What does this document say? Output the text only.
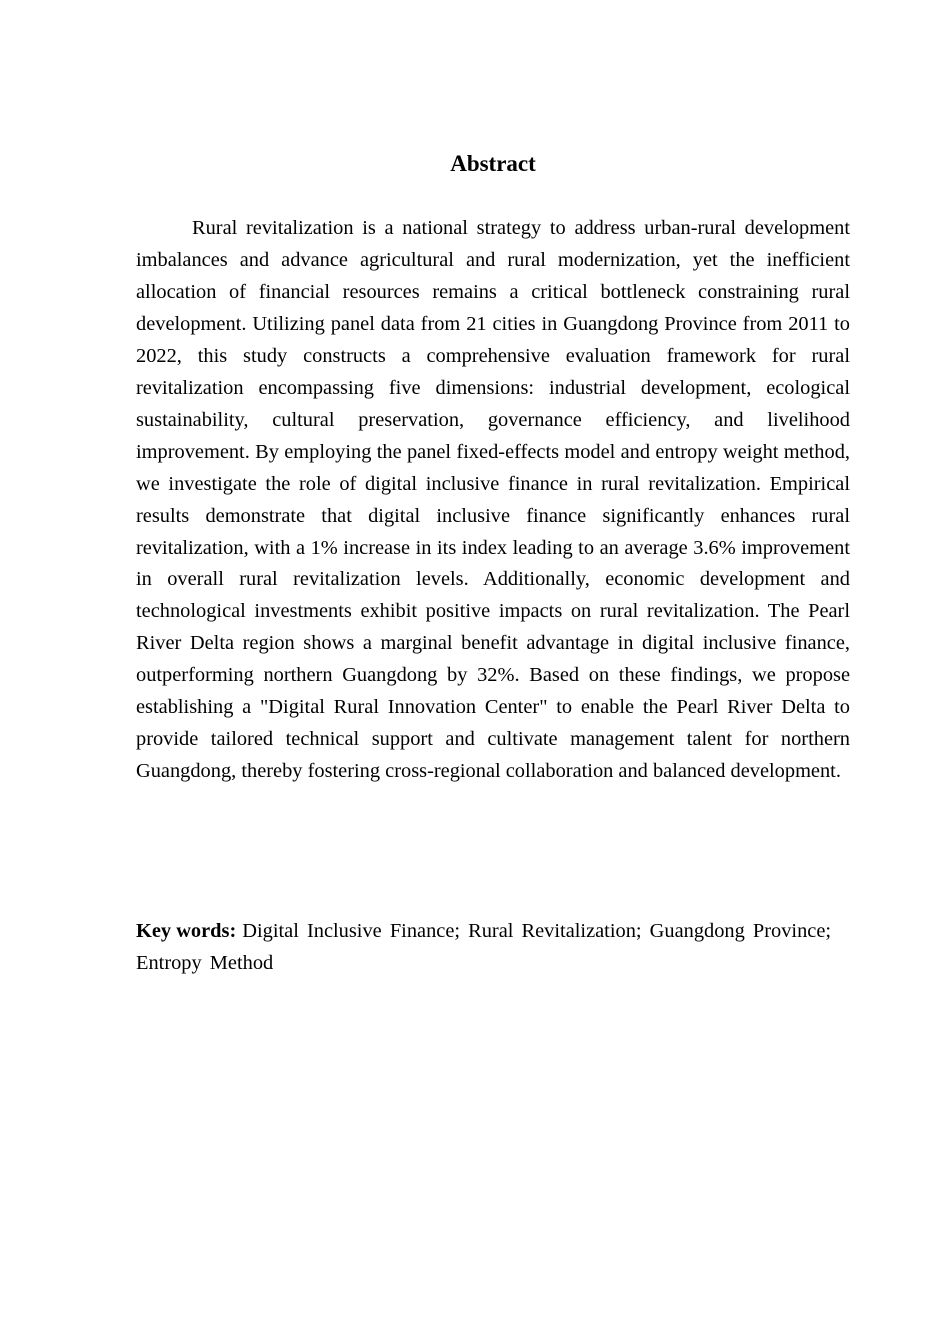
Abstract

Rural revitalization is a national strategy to address urban-rural development imbalances and advance agricultural and rural modernization, yet the inefficient allocation of financial resources remains a critical bottleneck constraining rural development. Utilizing panel data from 21 cities in Guangdong Province from 2011 to 2022, this study constructs a comprehensive evaluation framework for rural revitalization encompassing five dimensions: industrial development, ecological sustainability, cultural preservation, governance efficiency, and livelihood improvement. By employing the panel fixed-effects model and entropy weight method, we investigate the role of digital inclusive finance in rural revitalization. Empirical results demonstrate that digital inclusive finance significantly enhances rural revitalization, with a 1% increase in its index leading to an average 3.6% improvement in overall rural revitalization levels. Additionally, economic development and technological investments exhibit positive impacts on rural revitalization. The Pearl River Delta region shows a marginal benefit advantage in digital inclusive finance, outperforming northern Guangdong by 32%. Based on these findings, we propose establishing a "Digital Rural Innovation Center" to enable the Pearl River Delta to provide tailored technical support and cultivate management talent for northern Guangdong, thereby fostering cross-regional collaboration and balanced development.

Key words: Digital Inclusive Finance; Rural Revitalization; Guangdong Province; Entropy Method
